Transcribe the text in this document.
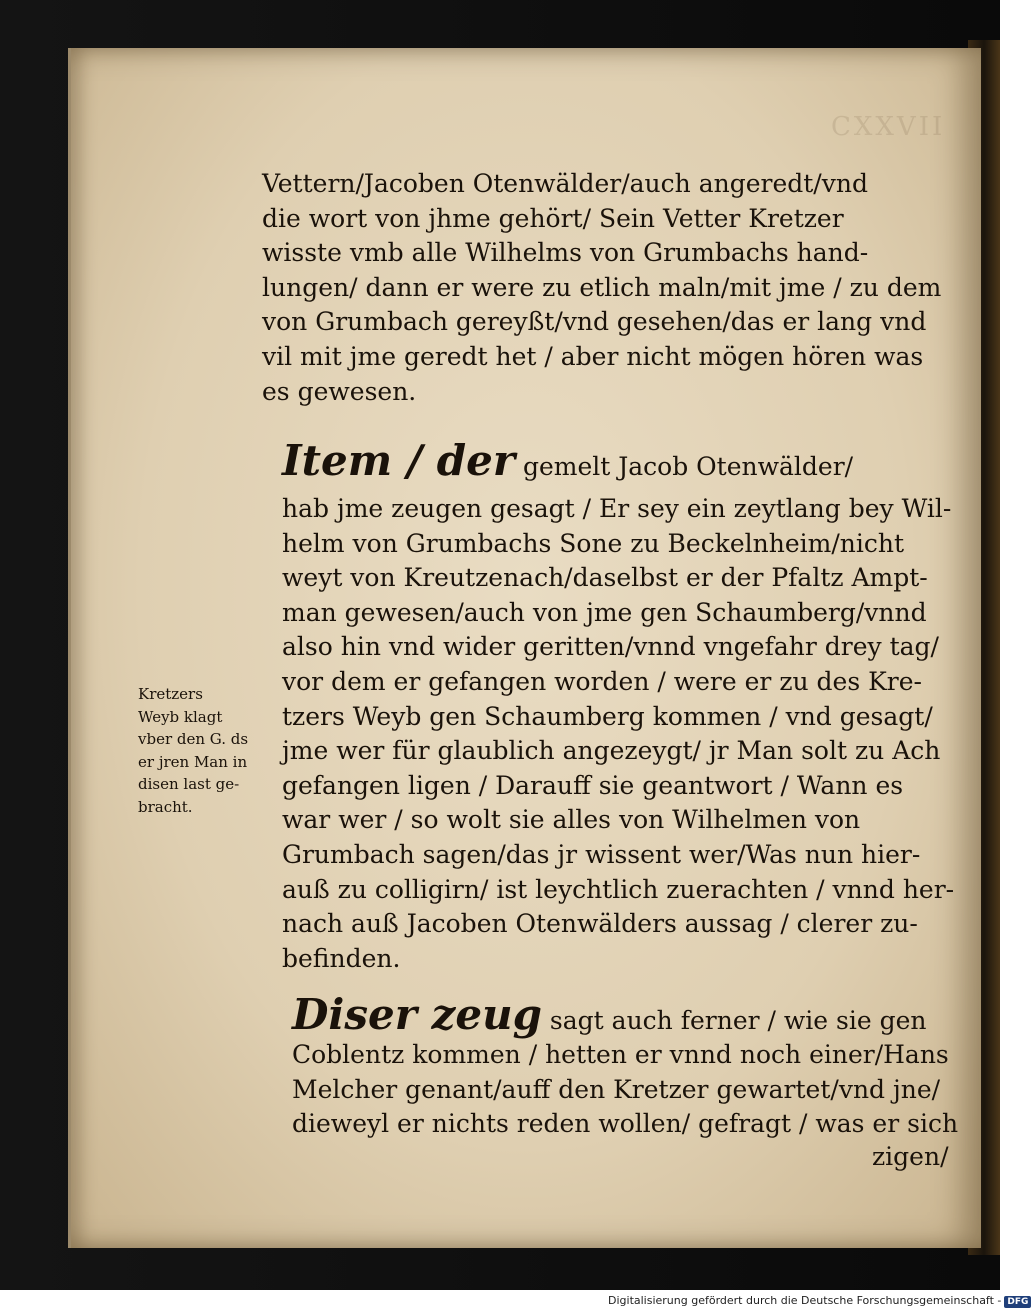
CXXVII
Vettern/Jacoben Otenwälder/auch angeredt/vnd
die wort von jhme gehört/ Sein Vetter Kretzer
wisste vmb alle Wilhelms von Grumbachs hand-
lungen/ dann er were zu etlich maln/mit jme / zu dem
von Grumbach gereyßt/vnd gesehen/das er lang vnd
vil mit jme geredt het / aber nicht mögen hören was
es gewesen.
Item / der gemelt Jacob Otenwälder/
hab jme zeugen gesagt / Er sey ein zeytlang bey Wil-
helm von Grumbachs Sone zu Beckelnheim/nicht
weyt von Kreutzenach/daselbst er der Pfaltz Ampt-
man gewesen/auch von jme gen Schaumberg/vnnd
also hin vnd wider geritten/vnnd vngefahr drey tag/
vor dem er gefangen worden / were er zu des Kre-
tzers Weyb gen Schaumberg kommen / vnd gesagt/
jme wer für glaublich angezeygt/ jr Man solt zu Ach
gefangen ligen / Darauff sie geantwort / Wann es
war wer / so wolt sie alles von Wilhelmen von
Grumbach sagen/das jr wissent wer/Was nun hier-
auß zu colligirn/ ist leychtlich zuerachten / vnnd her-
nach auß Jacoben Otenwälders aussag / clerer zu-
befinden.
Kretzers
Weyb klagt
vber den G. ds
er jren Man in
disen last ge-
bracht.
Diser zeug sagt auch ferner / wie sie gen
Coblentz kommen / hetten er vnnd noch einer/Hans
Melcher genant/auff den Kretzer gewartet/vnd jne/
dieweyl er nichts reden wollen/ gefragt / was er sich
zigen/
Digitalisierung gefördert durch die Deutsche Forschungsgemeinschaft - DFG
